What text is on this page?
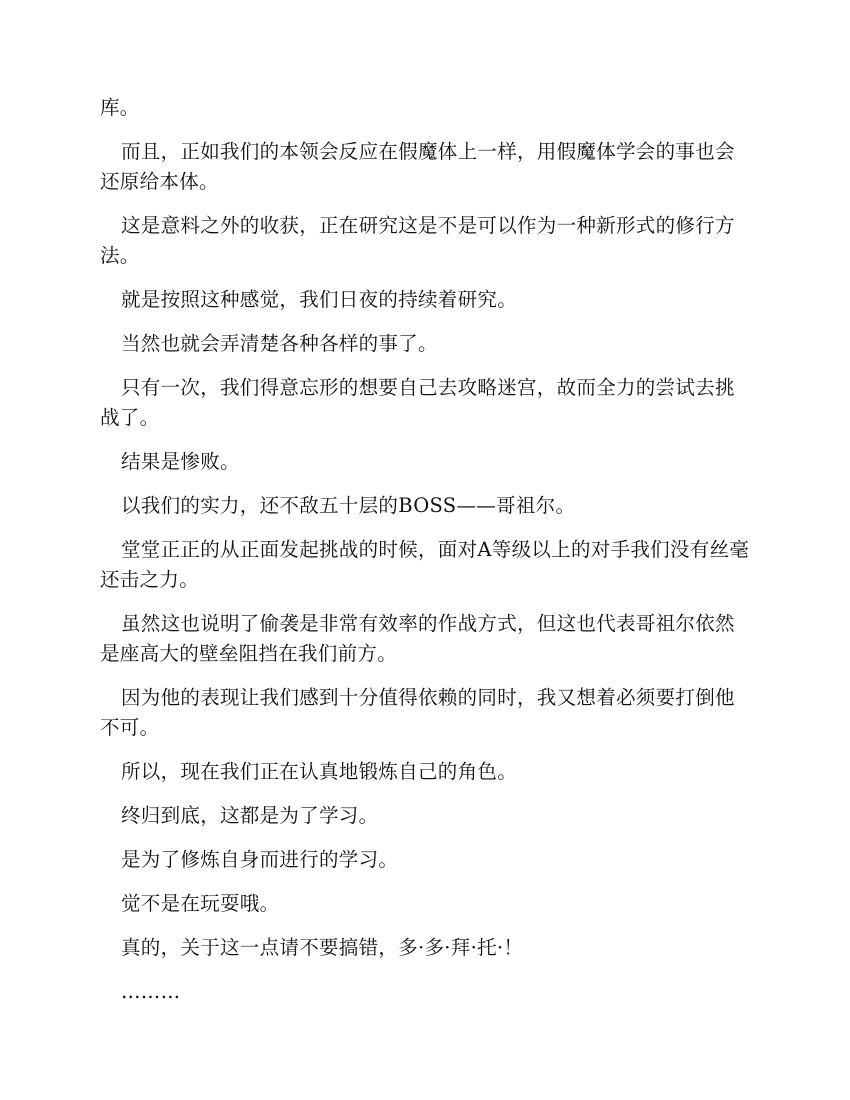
库。

而且，正如我们的本领会反应在假魔体上一样，用假魔体学会的事也会还原给本体。

这是意料之外的收获，正在研究这是不是可以作为一种新形式的修行方法。

就是按照这种感觉，我们日夜的持续着研究。

当然也就会弄清楚各种各样的事了。

只有一次，我们得意忘形的想要自己去攻略迷宫，故而全力的尝试去挑战了。

结果是惨败。

以我们的实力，还不敌五十层的BOSS——哥祖尔。

堂堂正正的从正面发起挑战的时候，面对A等级以上的对手我们没有丝毫还击之力。

虽然这也说明了偷袭是非常有效率的作战方式，但这也代表哥祖尔依然是座高大的壁垒阻挡在我们前方。

因为他的表现让我们感到十分值得依赖的同时，我又想着必须要打倒他不可。

所以，现在我们正在认真地锻炼自己的角色。

终归到底，这都是为了学习。

是为了修炼自身而进行的学习。

觉不是在玩耍哦。

真的，关于这一点请不要搞错，多·多·拜·托·！

………
